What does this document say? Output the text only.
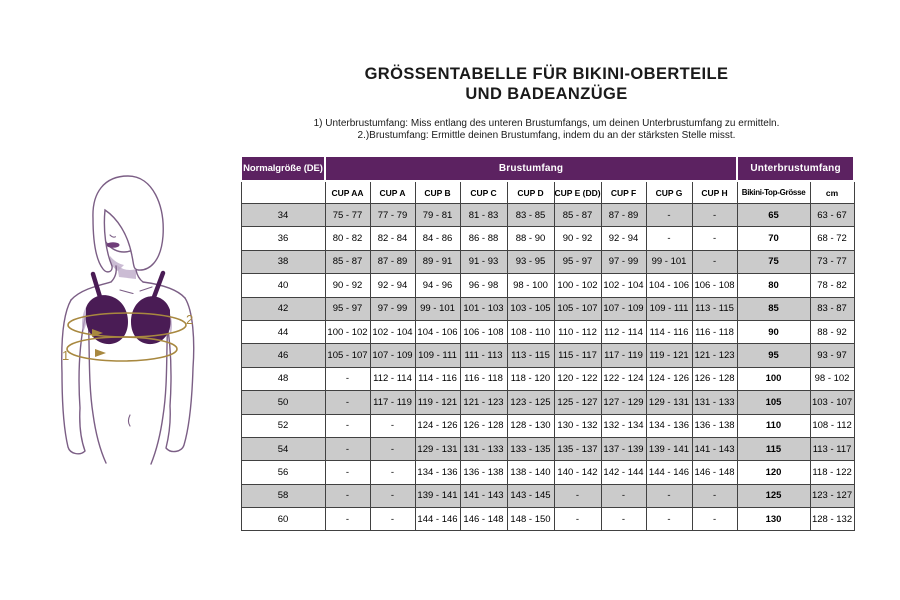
2
1
GRÖSSENTABELLE FÜR BIKINI-OBERTEILE
UND BADEANZÜGE
1) Unterbrustumfang: Miss entlang des unteren Brustumfangs, um deinen Unterbrustumfang zu ermitteln.
2.)Brustumfang: Ermittle deinen Brustumfang, indem du an der stärksten Stelle misst.
Normalgröße (DE)	Brustumfang									Unterbrustumfang	
	CUP AA	CUP A	CUP B	CUP C	CUP D	CUP E (DD)	CUP F	CUP G	CUP H	Bikini-Top-Grösse	cm
34	75 - 77	77 - 79	79 - 81	81 - 83	83 - 85	85 - 87	87 - 89	-	-	65	63 - 67
36	80 - 82	82 - 84	84 - 86	86 - 88	88 - 90	90 - 92	92 - 94	-	-	70	68 - 72
38	85 - 87	87 - 89	89 - 91	91 - 93	93 - 95	95 - 97	97 - 99	99 - 101	-	75	73 - 77
40	90 - 92	92 - 94	94 - 96	96 - 98	98 - 100	100 - 102	102 - 104	104 - 106	106 - 108	80	78 - 82
42	95 - 97	97 - 99	99 - 101	101 - 103	103 - 105	105 - 107	107 - 109	109 - 111	113 - 115	85	83 - 87
44	100 - 102	102 - 104	104 - 106	106 - 108	108 - 110	110 - 112	112 - 114	114 - 116	116 - 118	90	88 - 92
46	105 - 107	107 - 109	109 - 111	111 - 113	113 - 115	115 - 117	117 - 119	119 - 121	121 - 123	95	93 - 97
48	-	112 - 114	114 - 116	116 - 118	118 - 120	120 - 122	122 - 124	124 - 126	126 - 128	100	98 - 102
50	-	117 - 119	119 - 121	121 - 123	123 - 125	125 - 127	127 - 129	129 - 131	131 - 133	105	103 - 107
52	-	-	124 - 126	126 - 128	128 - 130	130 - 132	132 - 134	134 - 136	136 - 138	110	108 - 112
54	-	-	129 - 131	131 - 133	133 - 135	135 - 137	137 - 139	139 - 141	141 - 143	115	113 - 117
56	-	-	134 - 136	136 - 138	138 - 140	140 - 142	142 - 144	144 - 146	146 - 148	120	118 - 122
58	-	-	139 - 141	141 - 143	143 - 145	-	-	-	-	125	123 - 127
60	-	-	144 - 146	146 - 148	148 - 150	-	-	-	-	130	128 - 132
